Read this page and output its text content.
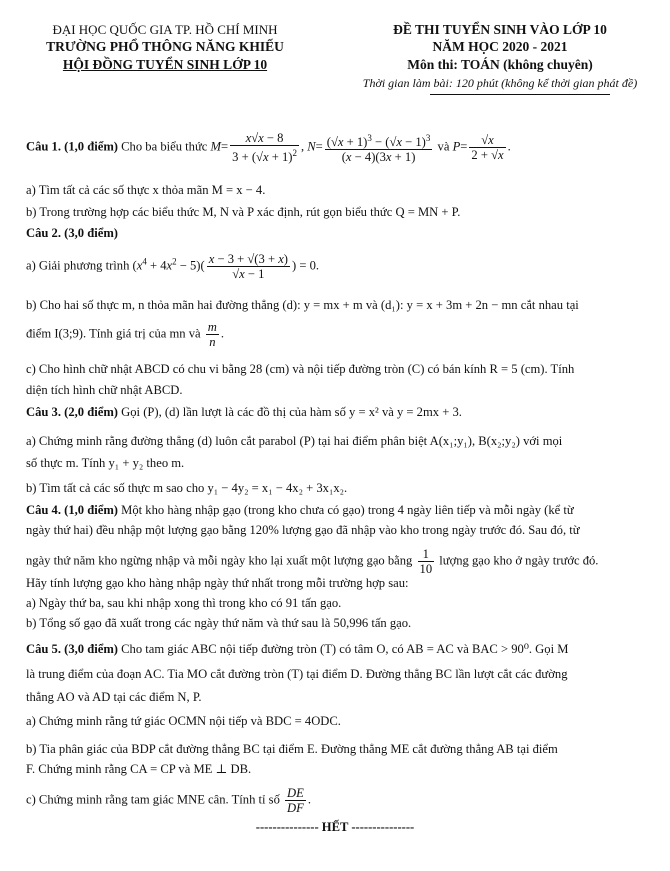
ĐẠI HỌC QUỐC GIA TP. HỒ CHÍ MINH
TRƯỜNG PHỔ THÔNG NĂNG KHIẾU
HỘI ĐỒNG TUYỂN SINH LỚP 10
ĐỀ THI TUYỂN SINH VÀO LỚP 10
NĂM HỌC 2020 - 2021
Môn thi: TOÁN (không chuyên)
Thời gian làm bài: 120 phút (không kể thời gian phát đề)
Câu 1. (1,0 điểm) Cho ba biểu thức $M= \frac{x√x - 8}{3 + (√x + 1)^2}$ , $N= \frac{(√x + 1)^3 - (√x - 1)^3}{(x - 4)(3x + 1)}$ và $P= \frac{√x}{2 + √x}$ .
a) Tìm tất cả các số thực x thỏa mãn M = x − 4.
b) Trong trường hợp các biểu thức M, N và P xác định, rút gọn biểu thức Q = MN + P.
Câu 2. (3,0 điểm)
a) Giải phương trình $(x^4 + 4x^2 - 5)( \frac{x - 3 + √(3 + x)}{√x - 1}$ ) = 0.
b) Cho hai số thực m, n thỏa mãn hai đường thẳng (d): y = mx + m và (d₁): y = x + 3m + 2n − mn cắt nhau tại
điểm I(3;9). Tính giá trị của mn và $\frac{m}{n}$ .
c) Cho hình chữ nhật ABCD có chu vi bằng 28 (cm) và nội tiếp đường tròn (C) có bán kính R = 5 (cm). Tính
diện tích hình chữ nhật ABCD.
Câu 3. (2,0 điểm) Gọi (P), (d) lần lượt là các đồ thị của hàm số y = x² và y = 2mx + 3.
a) Chứng minh rằng đường thẳng (d) luôn cắt parabol (P) tại hai điểm phân biệt A(x₁;y₁), B(x₂;y₂) với mọi
số thực m. Tính y₁ + y₂ theo m.
b) Tìm tất cả các số thực m sao cho y₁ − 4y₂ = x₁ − 4x₂ + 3x₁x₂.
Câu 4. (1,0 điểm) Một kho hàng nhập gạo (trong kho chưa có gạo) trong 4 ngày liên tiếp và mỗi ngày (kể từ
ngày thứ hai) đều nhập một lượng gạo bằng 120% lượng gạo đã nhập vào kho trong ngày trước đó. Sau đó, từ
ngày thứ năm kho ngừng nhập và mỗi ngày kho lại xuất một lượng gạo bằng $\frac{1}{10}$ lượng gạo kho ở ngày trước đó.
Hãy tính lượng gạo kho hàng nhập ngày thứ nhất trong mỗi trường hợp sau:
a) Ngày thứ ba, sau khi nhập xong thì trong kho có 91 tấn gạo.
b) Tổng số gạo đã xuất trong các ngày thứ năm và thứ sau là 50,996 tấn gạo.
Câu 5. (3,0 điểm) Cho tam giác ABC nội tiếp đường tròn (T) có tâm O, có AB = AC và BAC > 90⁰. Gọi M
là trung điểm của đoạn AC. Tia MO cắt đường tròn (T) tại điểm D. Đường thẳng BC lần lượt cắt các đường
thẳng AO và AD tại các điểm N, P.
a) Chứng minh rằng tứ giác OCMN nội tiếp và BDC = 4ODC.
b) Tia phân giác của BDP cắt đường thẳng BC tại điểm E. Đường thẳng ME cắt đường thẳng AB tại điểm
F. Chứng minh rằng CA = CP và ME ⊥ DB.
c) Chứng minh rằng tam giác MNE cân. Tính tỉ số $\frac{DE}{DF}$ .
--------------- HẾT ---------------
